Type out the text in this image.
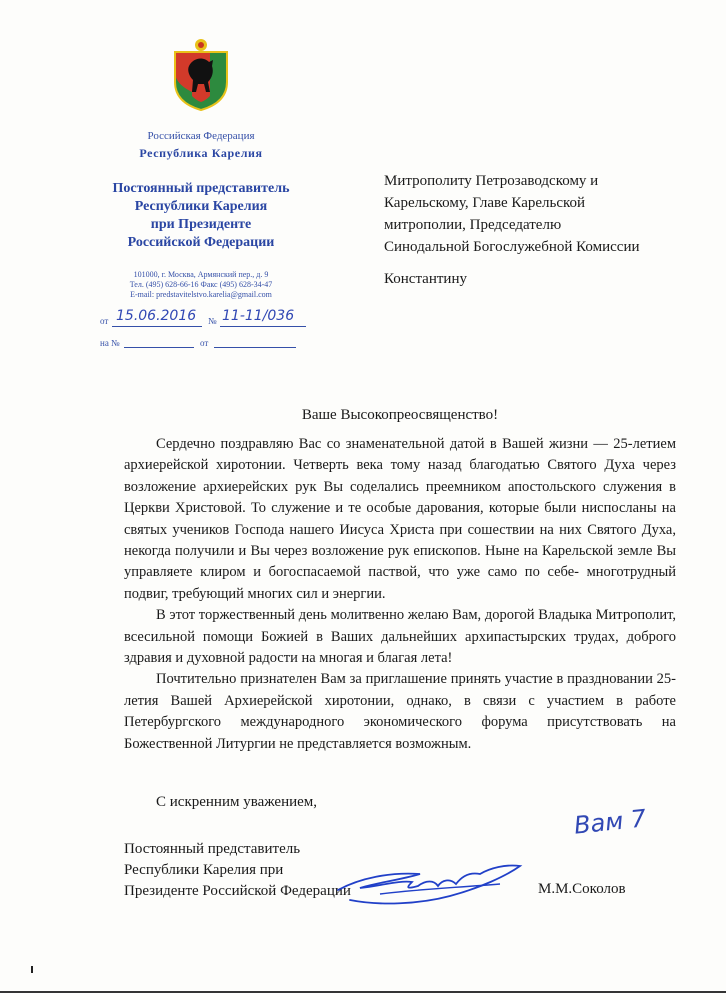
Российская Федерация
Республика Карелия
Постоянный представитель
Республики Карелия
при Президенте
Российской Федерации
101000, г. Москва, Армянский пер., д. 9
Тел. (495) 628-66-16 Факс (495) 628-34-47
E-mail: predstavitelstvo.karelia@gmail.com
от 15.06.2016 № 11-11/036
на №	от
Митрополиту Петрозаводскому и
Карельскому, Главе Карельской
митрополии, Председателю
Синодальной Богослужебной Комиссии
Константину
Ваше Высокопреосвященство!

Сердечно поздравляю Вас со знаменательной датой в Вашей жизни — 25-летием архиерейской хиротонии. Четверть века тому назад благодатью Святого Духа через возложение архиерейских рук Вы соделались преемником апостольского служения в Церкви Христовой. То служение и те особые дарования, которые были ниспосланы на святых учеников Господа нашего Иисуса Христа при сошествии на них Святого Духа, некогда получили и Вы через возложение рук епископов. Ныне на Карельской земле Вы управляете клиром и богоспасаемой паствой, что уже само по себе- многотрудный подвиг, требующий многих сил и энергии.

В этот торжественный день молитвенно желаю Вам, дорогой Владыка Митрополит, всесильной помощи Божией в Ваших дальнейших архипастырских трудах, доброго здравия и духовной радости на многая и благая лета!

Почтительно признателен Вам за приглашение принять участие в праздновании 25-летия Вашей Архиерейской хиротонии, однако, в связи с участием в работе Петербургского международного экономического форума присутствовать на Божественной Литургии не представляется возможным.

С искренним уважением,
Вам 7
Постоянный представитель
Республики Карелия при
Президенте Российской Федерации	М.М.Соколов
